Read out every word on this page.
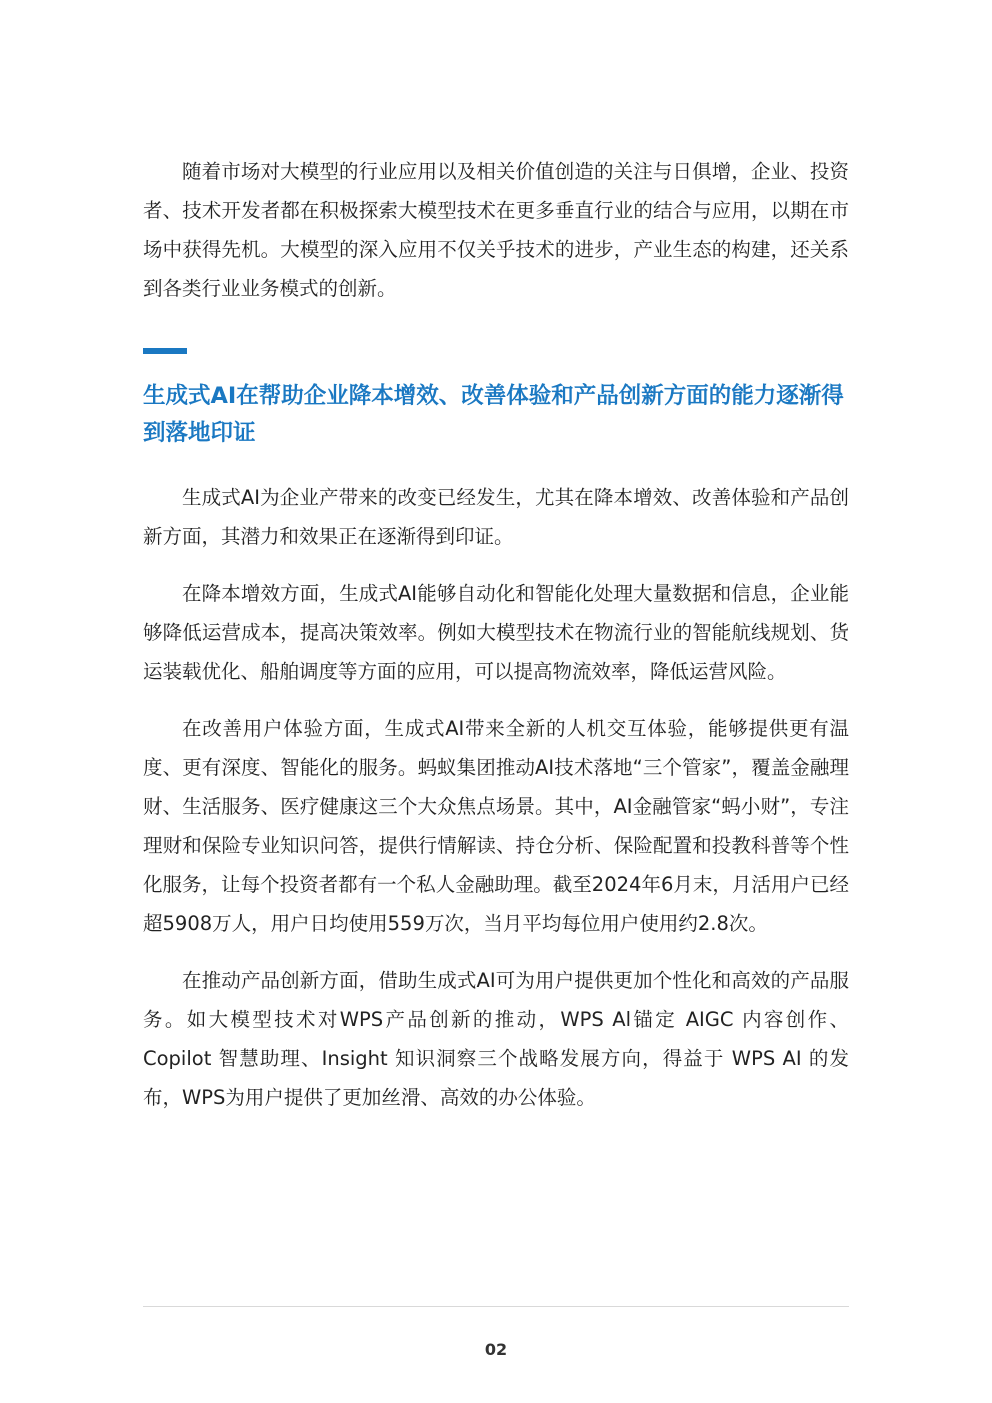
随着市场对大模型的行业应用以及相关价值创造的关注与日俱增，企业、投资者、技术开发者都在积极探索大模型技术在更多垂直行业的结合与应用，以期在市场中获得先机。大模型的深入应用不仅关乎技术的进步，产业生态的构建，还关系到各类行业业务模式的创新。

生成式AI在帮助企业降本增效、改善体验和产品创新方面的能力逐渐得到落地印证

生成式AI为企业产带来的改变已经发生，尤其在降本增效、改善体验和产品创新方面，其潜力和效果正在逐渐得到印证。

在降本增效方面，生成式AI能够自动化和智能化处理大量数据和信息，企业能够降低运营成本，提高决策效率。例如大模型技术在物流行业的智能航线规划、货运装载优化、船舶调度等方面的应用，可以提高物流效率，降低运营风险。

在改善用户体验方面，生成式AI带来全新的人机交互体验，能够提供更有温度、更有深度、智能化的服务。蚂蚁集团推动AI技术落地“三个管家”，覆盖金融理财、生活服务、医疗健康这三个大众焦点场景。其中，AI金融管家“蚂小财”，专注理财和保险专业知识问答，提供行情解读、持仓分析、保险配置和投教科普等个性化服务，让每个投资者都有一个私人金融助理。截至2024年6月末，月活用户已经超5908万人，用户日均使用559万次，当月平均每位用户使用约2.8次。

在推动产品创新方面，借助生成式AI可为用户提供更加个性化和高效的产品服务。如大模型技术对WPS产品创新的推动，WPS Al锚定 AIGC 内容创作、Copilot 智慧助理、Insight 知识洞察三个战略发展方向，得益于 WPS AI 的发布，WPS为用户提供了更加丝滑、高效的办公体验。

02
